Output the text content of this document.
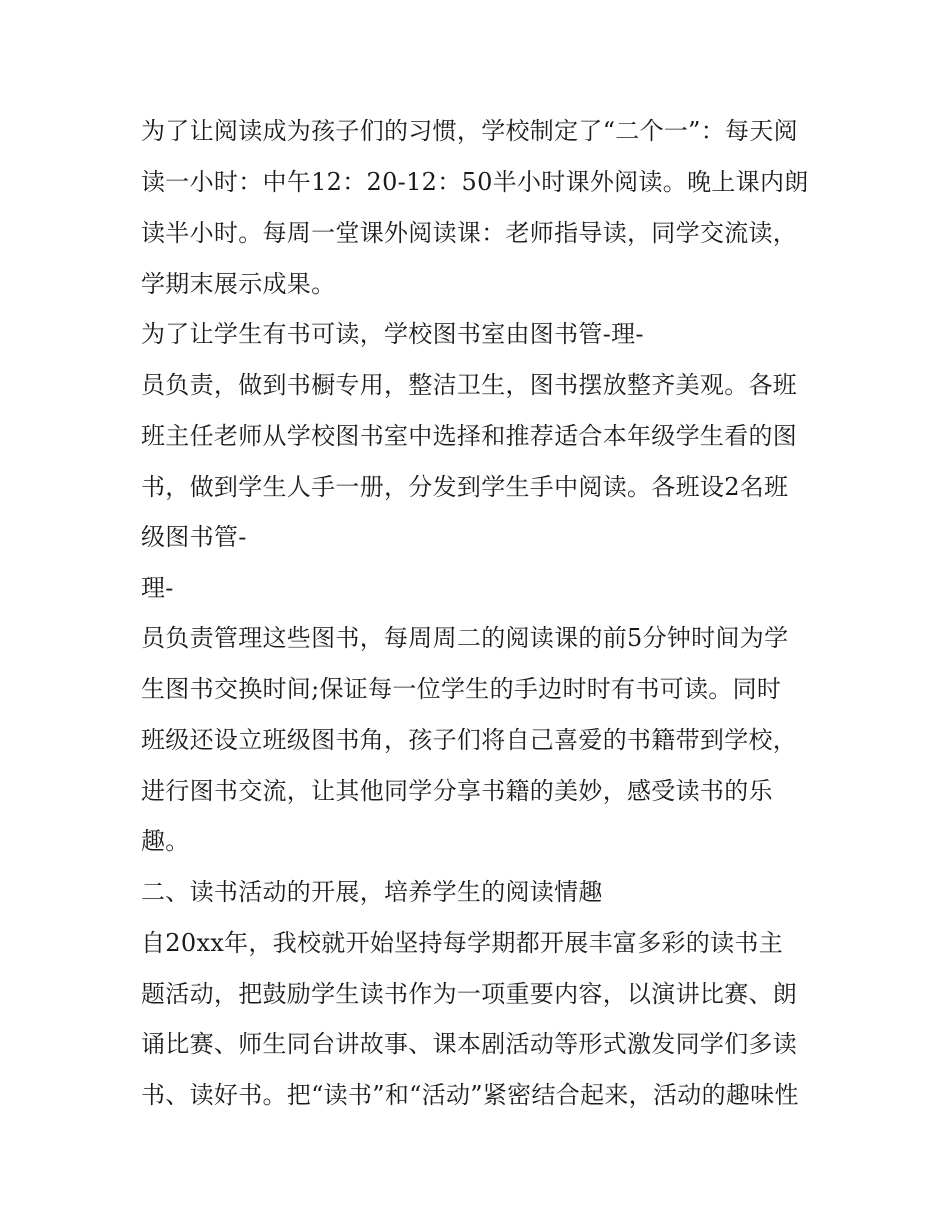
为了让阅读成为孩子们的习惯，学校制定了“二个一”：每天阅
读一小时：中午12：20-12：50半小时课外阅读。晚上课内朗
读半小时。每周一堂课外阅读课：老师指导读，同学交流读，
学期末展示成果。
为了让学生有书可读，学校图书室由图书管-理-
员负责，做到书橱专用，整洁卫生，图书摆放整齐美观。各班
班主任老师从学校图书室中选择和推荐适合本年级学生看的图
书，做到学生人手一册，分发到学生手中阅读。各班设2名班
级图书管-
理-
员负责管理这些图书，每周周二的阅读课的前5分钟时间为学
生图书交换时间;保证每一位学生的手边时时有书可读。同时
班级还设立班级图书角，孩子们将自己喜爱的书籍带到学校，
进行图书交流，让其他同学分享书籍的美妙，感受读书的乐
趣。
二、读书活动的开展，培养学生的阅读情趣
自20xx年，我校就开始坚持每学期都开展丰富多彩的读书主
题活动，把鼓励学生读书作为一项重要内容，以演讲比赛、朗
诵比赛、师生同台讲故事、课本剧活动等形式激发同学们多读
书、读好书。把“读书”和“活动”紧密结合起来，活动的趣味性
